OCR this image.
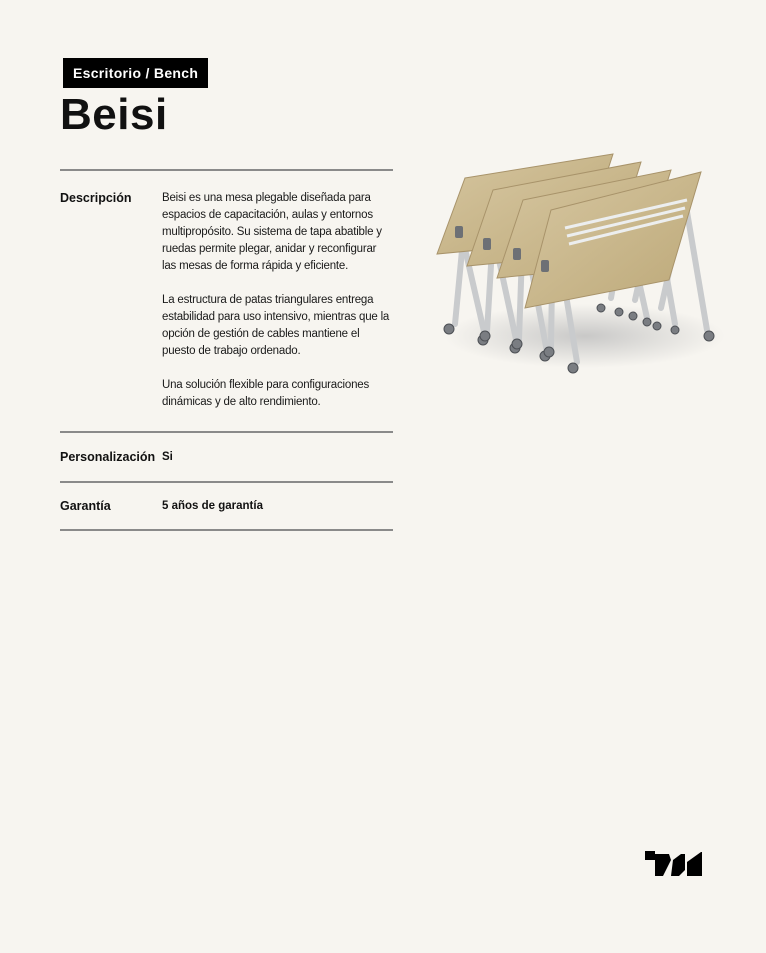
Escritorio / Bench
Beisi
Descripción	Beisi es una mesa plegable diseñada para espacios de capacitación, aulas y entornos multipropósito. Su sistema de tapa abatible y ruedas permite plegar, anidar y reconfigurar las mesas de forma rápida y eficiente.

La estructura de patas triangulares entrega estabilidad para uso intensivo, mientras que la opción de gestión de cables mantiene el puesto de trabajo ordenado.

Una solución flexible para configuraciones dinámicas y de alto rendimiento.

Personalización Si
Garantía	5 años de garantía
